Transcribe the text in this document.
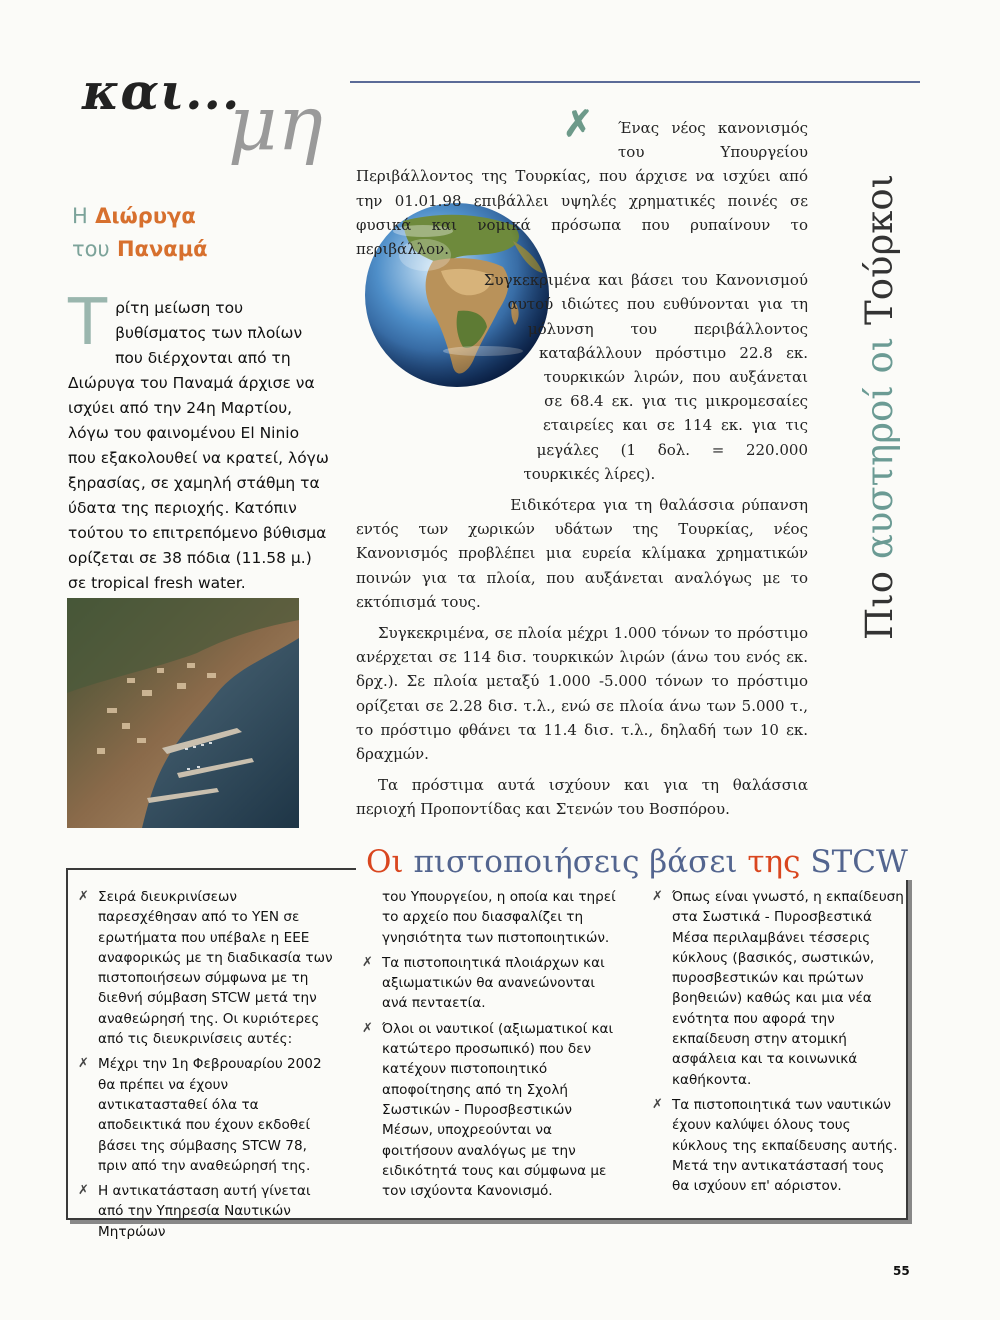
και...
μη
Η Διώρυγα
του Παναμά
Τρίτη μείωση του βυθίσματος των πλοίων που διέρχονται από τη Διώρυγα του Παναμά άρχισε να ισχύει από την 24η Μαρτίου, λόγω του φαινομένου El Ninio που εξακολουθεί να κρατεί, λόγω ξηρασίας, σε χαμηλή στάθμη τα ύδατα της περιοχής. Κατόπιν τούτου το επιτρεπόμενο βύθισμα ορίζεται σε 38 πόδια (11.58 μ.) σε tropical fresh water.
✗	Ένας νέος κανονισμός του Υπουργείου Περιβάλλοντος της Τουρκίας, που άρχισε να ισχύει από την 01.01.98 επιβάλλει υψηλές χρηματικές ποινές σε φυσικά και νομικά πρόσωπα που ρυπαίνουν το περιβάλλον.

Συγκεκριμένα και βάσει του Κανονισμού αυτού ιδιώτες που ευθύνονται για τη μόλυνση του περιβάλλοντος καταβάλλουν πρόστιμο 22.8 εκ. τουρκικών λιρών, που αυξάνεται σε 68.4 εκ. για τις μικρομεσαίες εταιρείες και σε 114 εκ. για τις μεγάλες (1 δολ. = 220.000 τουρκικές λίρες).

Ειδικότερα για τη θαλάσσια ρύπανση εντός των χωρικών υδάτων της Τουρκίας, νέος Κανονισμός προβλέπει μια ευρεία κλίμακα χρηματικών ποινών για τα πλοία, που αυξάνεται αναλόγως με το εκτόπισμά τους.

Συγκεκριμένα, σε πλοία μέχρι 1.000 τόνων το πρόστιμο ανέρχεται σε 114 δισ. τουρκικών λιρών (άνω του ενός εκ. δρχ.). Σε πλοία μεταξύ 1.000 -5.000 τόνων το πρόστιμο ορίζεται σε 2.28 δισ. τ.λ., ενώ σε πλοία άνω των 5.000 τ., το πρόστιμο φθάνει τα 11.4 δισ. τ.λ., δηλαδή των 10 εκ. δραχμών.

Τα πρόστιμα αυτά ισχύουν και για τη θαλάσσια περιοχή Προποντίδας και Στενών του Βοσπόρου.

Πιο αυστηροί οι Τούρκοι
Οι πιστοποιήσεις βάσει της STCW
✗ Σειρά διευκρινίσεων παρεσχέθησαν από το ΥΕΝ σε ερωτήματα που υπέβαλε η ΕΕΕ αναφορικώς με τη διαδικασία των πιστοποιήσεων σύμφωνα με τη διεθνή σύμβαση STCW μετά την αναθεώρησή της. Οι κυριότερες από τις διευκρινίσεις αυτές:
✗ Μέχρι την 1η Φεβρουαρίου 2002 θα πρέπει να έχουν αντικατασταθεί όλα τα αποδεικτικά που έχουν εκδοθεί βάσει της σύμβασης STCW 78, πριν από την αναθεώρησή της.
✗ Η αντικατάσταση αυτή γίνεται από την Υπηρεσία Ναυτικών Μητρώων

του Υπουργείου, η οποία και τηρεί το αρχείο που διασφαλίζει τη γνησιότητα των πιστοποιητικών.

✗ Τα πιστοποιητικά πλοιάρχων και αξιωματικών θα ανανεώνονται ανά πενταετία.
✗ Όλοι οι ναυτικοί (αξιωματικοί και κατώτερο προσωπικό) που δεν κατέχουν πιστοποιητικό αποφοίτησης από τη Σχολή Σωστικών - Πυροσβεστικών Μέσων, υποχρεούνται να φοιτήσουν αναλόγως με την ειδικότητά τους και σύμφωνα με τον ισχύοντα Κανονισμό.
✗ Όπως είναι γνωστό, η εκπαίδευση στα Σωστικά - Πυροσβεστικά Μέσα περιλαμβάνει τέσσερις κύκλους (βασικός, σωστικών, πυροσβεστικών και πρώτων βοηθειών) καθώς και μια νέα ενότητα που αφορά την εκπαίδευση στην ατομική ασφάλεια και τα κοινωνικά καθήκοντα.
✗ Τα πιστοποιητικά των ναυτικών έχουν καλύψει όλους τους κύκλους της εκπαίδευσης αυτής. Μετά την αντικατάστασή τους θα ισχύουν επ' αόριστον.
55
